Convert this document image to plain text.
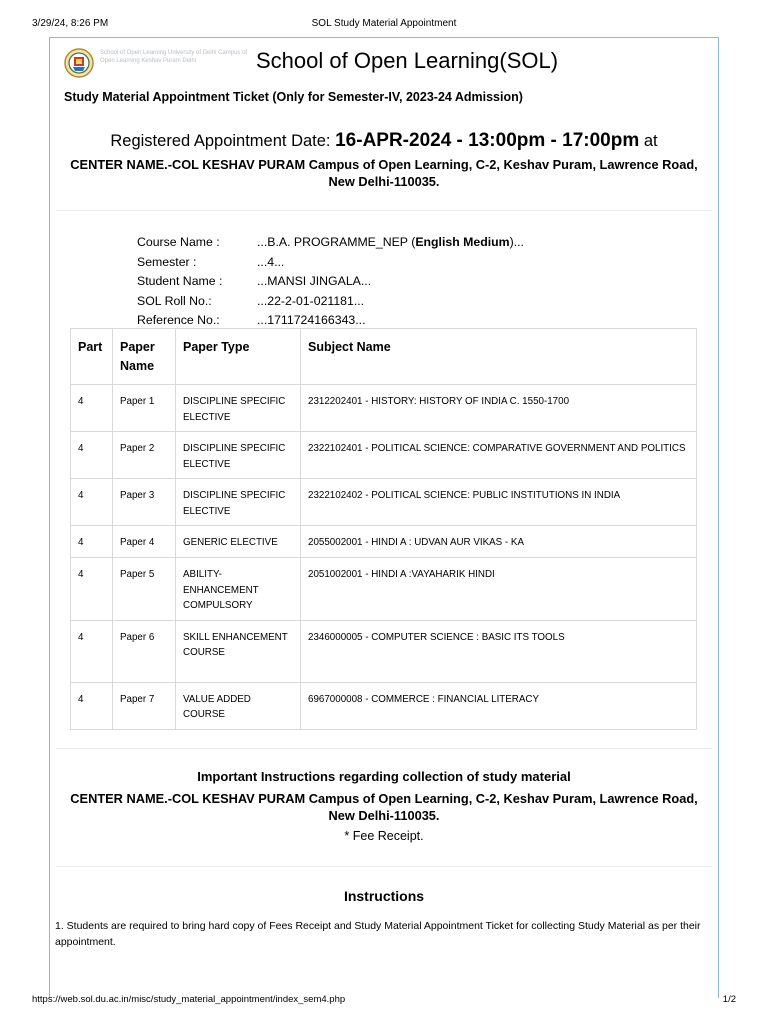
3/29/24, 8:26 PM	SOL Study Material Appointment
School of Open Learning University of Delhi Campus of Open Learning Keshav Puram Delhi	School of Open Learning(SOL)
Study Material Appointment Ticket (Only for Semester-IV, 2023-24 Admission)
Registered Appointment Date: 16-APR-2024 - 13:00pm - 17:00pm at
CENTER NAME.-COL KESHAV PURAM Campus of Open Learning, C-2, Keshav Puram, Lawrence Road, New Delhi-110035.
Course Name :	...B.A. PROGRAMME_NEP (English Medium)...
Semester :	...4...
Student Name :	...MANSI JINGALA...
SOL Roll No.:	...22-2-01-021181...
Reference No.:	...1711724166343...
Part	Paper Name	Paper Type	Subject Name
4	Paper 1	DISCIPLINE SPECIFIC ELECTIVE	2312202401 - HISTORY: HISTORY OF INDIA C. 1550-1700
4	Paper 2	DISCIPLINE SPECIFIC ELECTIVE	2322102401 - POLITICAL SCIENCE: COMPARATIVE GOVERNMENT AND POLITICS
4	Paper 3	DISCIPLINE SPECIFIC ELECTIVE	2322102402 - POLITICAL SCIENCE: PUBLIC INSTITUTIONS IN INDIA
4	Paper 4	GENERIC ELECTIVE	2055002001 - HINDI A : UDVAN AUR VIKAS - KA
4	Paper 5	ABILITY-ENHANCEMENT COMPULSORY	2051002001 - HINDI A :VAYAHARIK HINDI
4	Paper 6	SKILL ENHANCEMENT COURSE	2346000005 - COMPUTER SCIENCE : BASIC ITS TOOLS
4	Paper 7	VALUE ADDED COURSE	6967000008 - COMMERCE : FINANCIAL LITERACY
Important Instructions regarding collection of study material
CENTER NAME.-COL KESHAV PURAM Campus of Open Learning, C-2, Keshav Puram, Lawrence Road, New Delhi-110035.
* Fee Receipt.
Instructions
1. Students are required to bring hard copy of Fees Receipt and Study Material Appointment Ticket for collecting Study Material as per their appointment.
https://web.sol.du.ac.in/misc/study_material_appointment/index_sem4.php	1/2
